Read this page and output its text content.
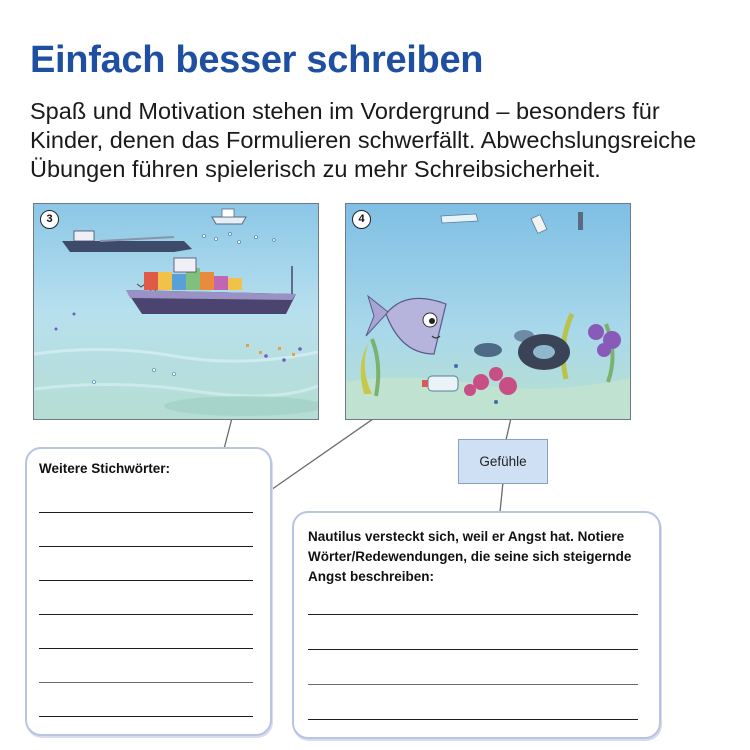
Einfach besser schreiben

Spaß und Motivation stehen im Vordergrund – besonders für Kinder, denen das Formulieren schwerfällt. Abwechslungsreiche Übungen führen spielerisch zu mehr Schreibsicherheit.

3	4
Gefühle
Weitere Stichwörter:

Nautilus versteckt sich, weil er Angst hat. Notiere Wörter/Redewendungen, die seine sich steigernde Angst beschreiben:
